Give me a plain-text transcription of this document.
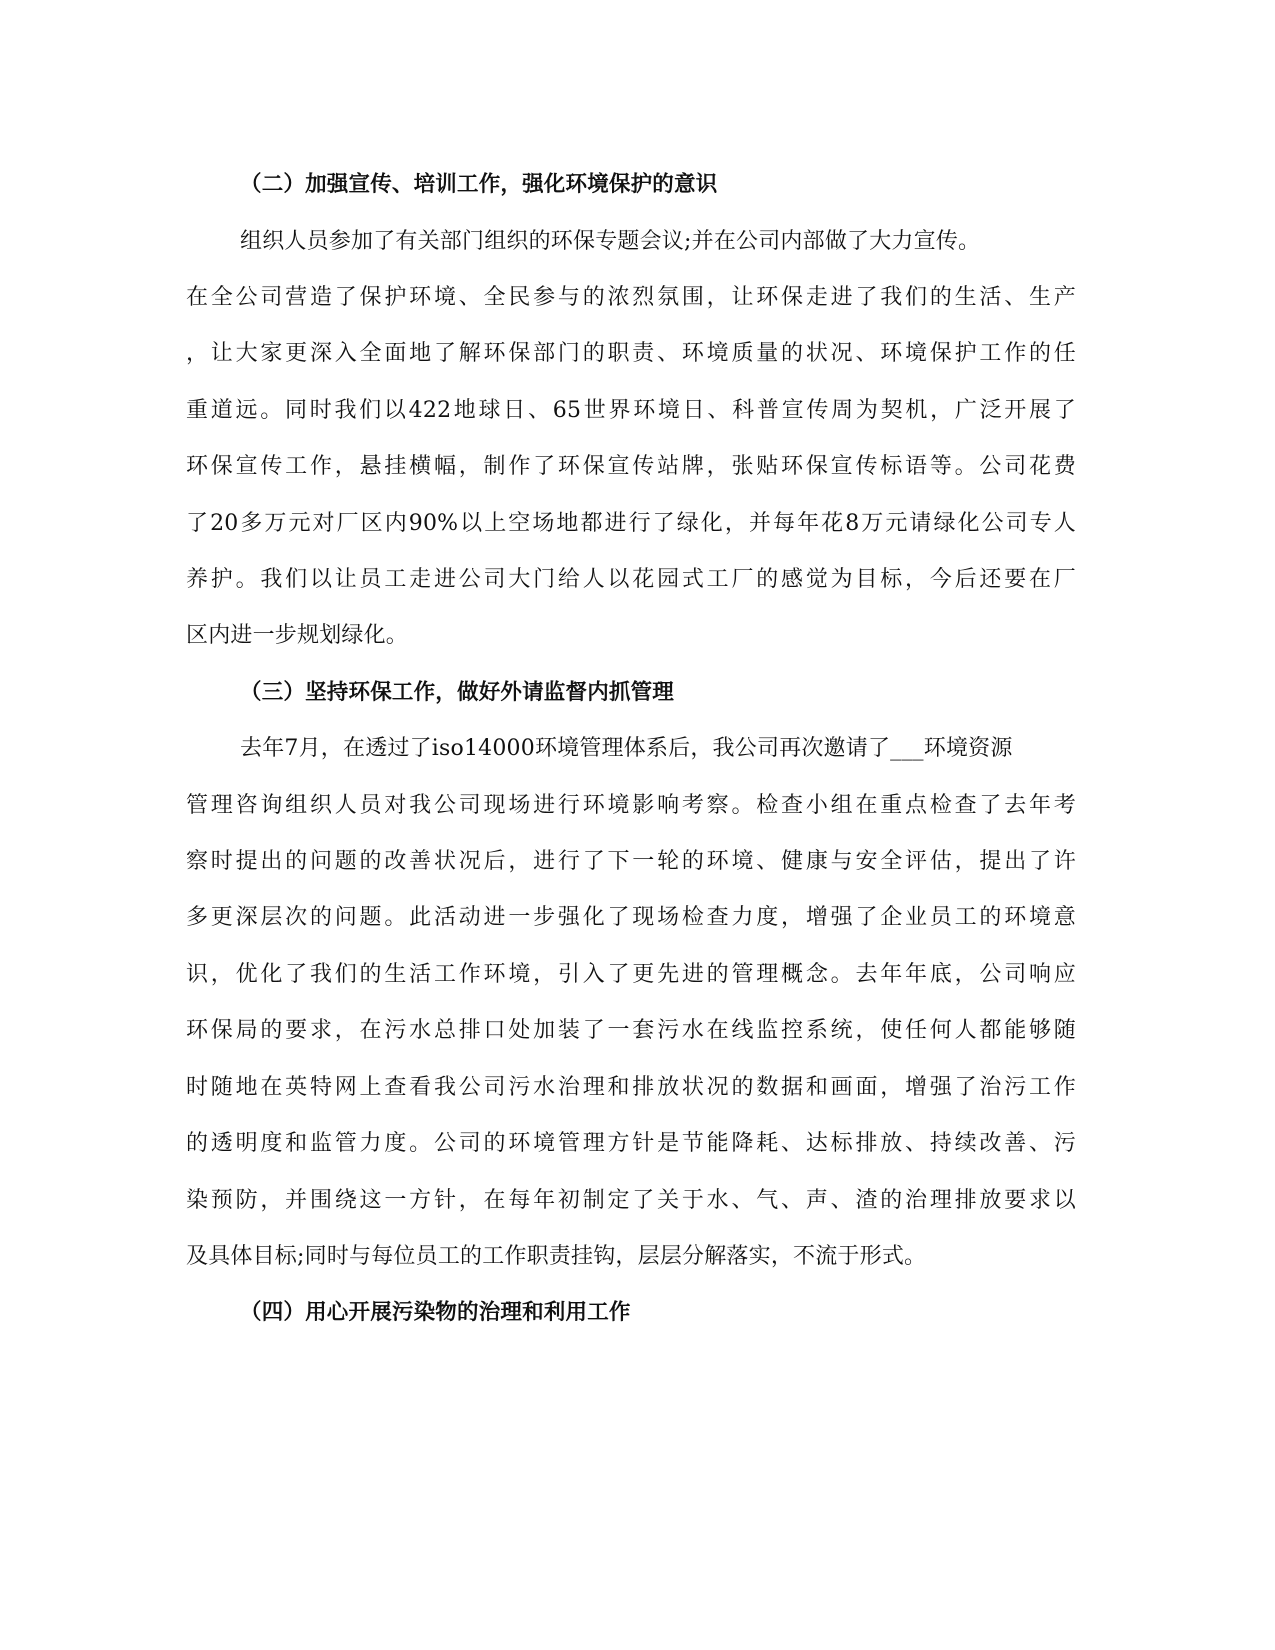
（二）加强宣传、培训工作，强化环境保护的意识
组织人员参加了有关部门组织的环保专题会议;并在公司内部做了大力宣传。
在全公司营造了保护环境、全民参与的浓烈氛围，让环保走进了我们的生活、生产
，让大家更深入全面地了解环保部门的职责、环境质量的状况、环境保护工作的任
重道远。同时我们以422地球日、65世界环境日、科普宣传周为契机，广泛开展了
环保宣传工作，悬挂横幅，制作了环保宣传站牌，张贴环保宣传标语等。公司花费
了20多万元对厂区内90%以上空场地都进行了绿化，并每年花8万元请绿化公司专人
养护。我们以让员工走进公司大门给人以花园式工厂的感觉为目标，今后还要在厂
区内进一步规划绿化。
（三）坚持环保工作，做好外请监督内抓管理
去年7月，在透过了iso14000环境管理体系后，我公司再次邀请了___环境资源
管理咨询组织人员对我公司现场进行环境影响考察。检查小组在重点检查了去年考
察时提出的问题的改善状况后，进行了下一轮的环境、健康与安全评估，提出了许
多更深层次的问题。此活动进一步强化了现场检查力度，增强了企业员工的环境意
识，优化了我们的生活工作环境，引入了更先进的管理概念。去年年底，公司响应
环保局的要求，在污水总排口处加装了一套污水在线监控系统，使任何人都能够随
时随地在英特网上查看我公司污水治理和排放状况的数据和画面，增强了治污工作
的透明度和监管力度。公司的环境管理方针是节能降耗、达标排放、持续改善、污
染预防，并围绕这一方针，在每年初制定了关于水、气、声、渣的治理排放要求以
及具体目标;同时与每位员工的工作职责挂钩，层层分解落实，不流于形式。
（四）用心开展污染物的治理和利用工作
